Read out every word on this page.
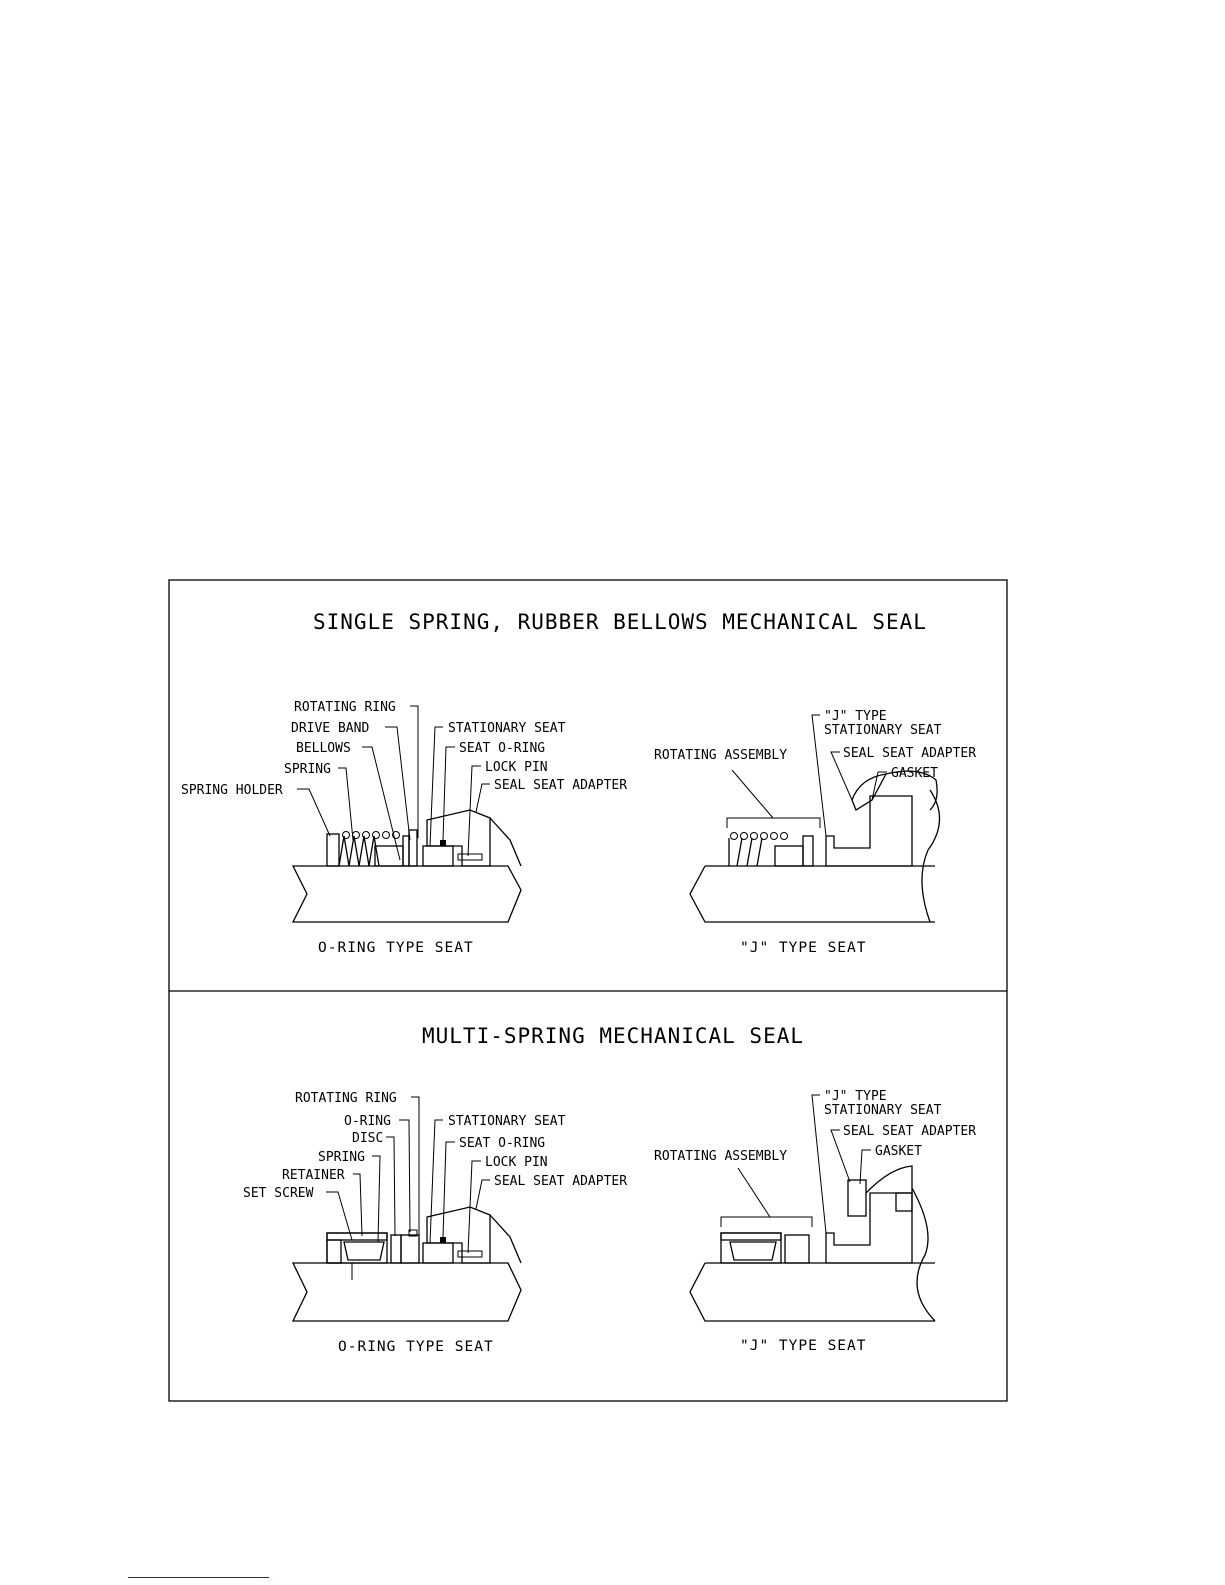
SINGLE SPRING, RUBBER BELLOWS MECHANICAL SEAL
ROTATING RING
DRIVE BAND
BELLOWS
SPRING
SPRING HOLDER
STATIONARY SEAT
SEAT O-RING
LOCK PIN
SEAL SEAT ADAPTER
O-RING TYPE SEAT
"J" TYPE
STATIONARY SEAT
SEAL SEAT ADAPTER
GASKET
ROTATING ASSEMBLY
"J" TYPE SEAT
MULTI-SPRING MECHANICAL SEAL
ROTATING RING
O-RING
DISC
SPRING
RETAINER
SET SCREW
STATIONARY SEAT
SEAT O-RING
LOCK PIN
SEAL SEAT ADAPTER
O-RING TYPE SEAT
"J" TYPE
STATIONARY SEAT
SEAL SEAT ADAPTER
GASKET
ROTATING ASSEMBLY
"J" TYPE SEAT
